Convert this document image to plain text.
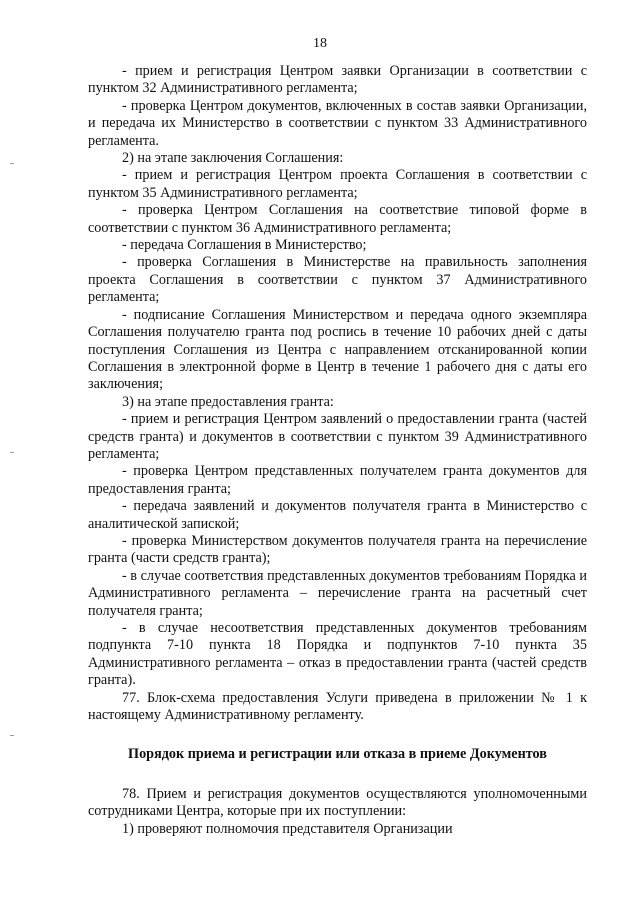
18

- прием и регистрация Центром заявки Организации в соответствии с пунктом 32 Административного регламента;

- проверка Центром документов, включенных в состав заявки Организации, и передача их Министерство в соответствии с пунктом 33 Административного регламента.

2) на этапе заключения Соглашения:

- прием и регистрация Центром проекта Соглашения в соответствии с пунктом 35 Административного регламента;

- проверка Центром Соглашения на соответствие типовой форме в соответствии с пунктом 36 Административного регламента;

- передача Соглашения в Министерство;

- проверка Соглашения в Министерстве на правильность заполнения проекта Соглашения в соответствии с пунктом 37 Административного регламента;

- подписание Соглашения Министерством и передача одного экземпляра Соглашения получателю гранта под роспись в течение 10 рабочих дней с даты поступления Соглашения из Центра с направлением отсканированной копии Соглашения в электронной форме в Центр в течение 1 рабочего дня с даты его заключения;

3) на этапе предоставления гранта:

- прием и регистрация Центром заявлений о предоставлении гранта (частей средств гранта) и документов в соответствии с пунктом 39 Административного регламента;

- проверка Центром представленных получателем гранта документов для предоставления гранта;

- передача заявлений и документов получателя гранта в Министерство с аналитической запиской;

- проверка Министерством документов получателя гранта на перечисление гранта (части средств гранта);

- в случае соответствия представленных документов требованиям Порядка и Административного регламента – перечисление гранта на расчетный счет получателя гранта;

- в случае несоответствия представленных документов требованиям подпункта 7-10 пункта 18 Порядка и подпунктов 7-10 пункта 35 Административного регламента – отказ в предоставлении гранта (частей средств гранта).

77. Блок-схема предоставления Услуги приведена в приложении № 1 к настоящему Административному регламенту.

Порядок приема и регистрации или отказа в приеме Документов

78. Прием и регистрация документов осуществляются уполномоченными сотрудниками Центра, которые при их поступлении:

1) проверяют полномочия представителя Организации
